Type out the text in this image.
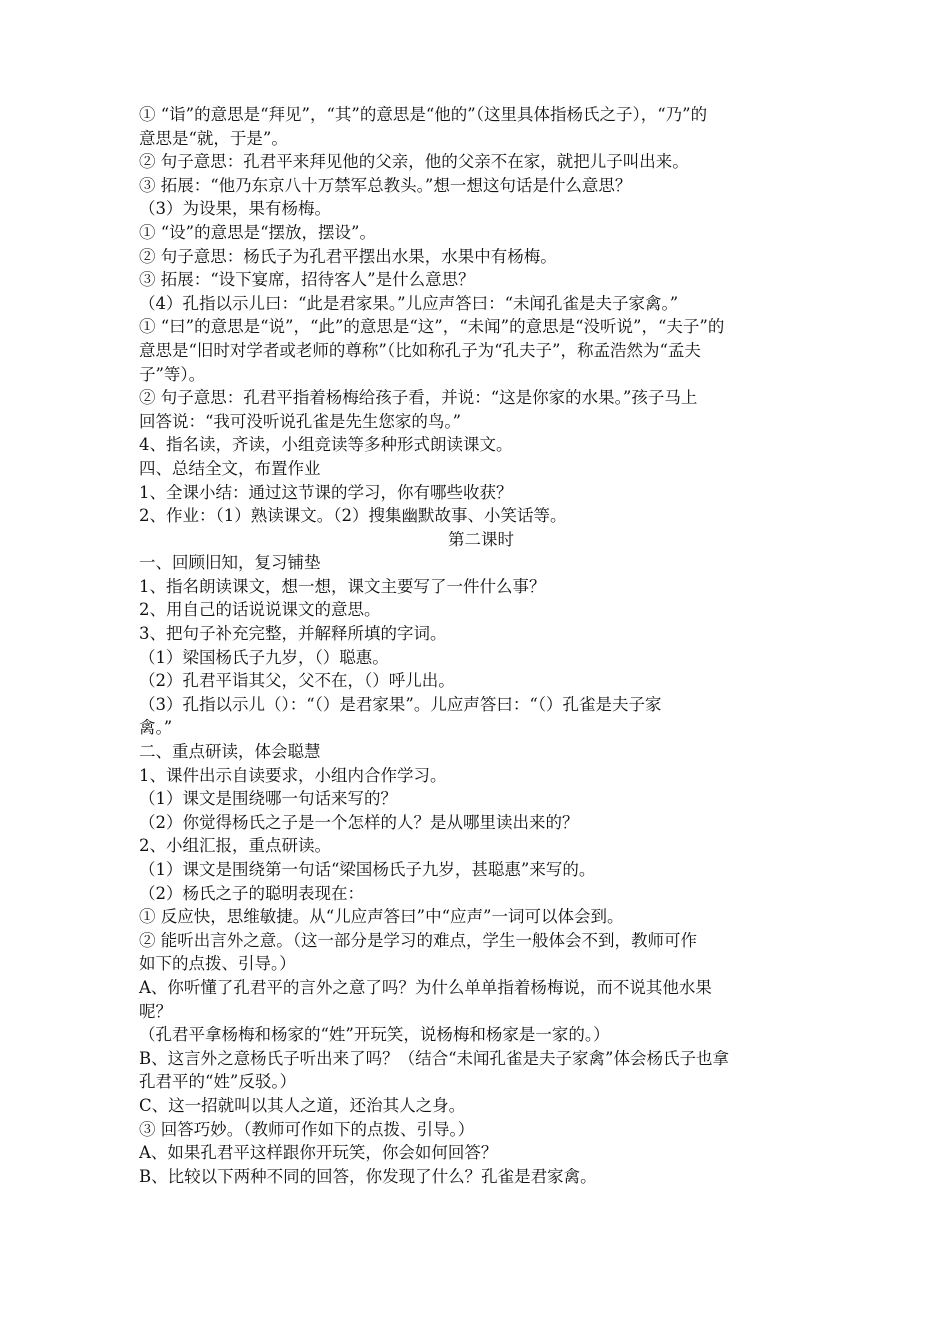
① “诣”的意思是“拜见”，“其”的意思是“他的”（这里具体指杨氏之子），“乃”的
意思是“就，于是”。
② 句子意思：孔君平来拜见他的父亲，他的父亲不在家，就把儿子叫出来。
③ 拓展：“他乃东京八十万禁军总教头。”想一想这句话是什么意思？
（3）为设果，果有杨梅。
① “设”的意思是“摆放，摆设”。
② 句子意思：杨氏子为孔君平摆出水果，水果中有杨梅。
③ 拓展：“设下宴席，招待客人”是什么意思？
（4）孔指以示儿曰：“此是君家果。”儿应声答曰：“未闻孔雀是夫子家禽。”
① “曰”的意思是“说”，“此”的意思是“这”，“未闻”的意思是“没听说”，“夫子”的
意思是“旧时对学者或老师的尊称”（比如称孔子为“孔夫子”，称孟浩然为“孟夫
子”等）。
② 句子意思：孔君平指着杨梅给孩子看，并说：“这是你家的水果。”孩子马上
回答说：“我可没听说孔雀是先生您家的鸟。”
4、指名读，齐读，小组竞读等多种形式朗读课文。
四、总结全文，布置作业
1、全课小结：通过这节课的学习，你有哪些收获？
2、作业：（1）熟读课文。（2）搜集幽默故事、小笑话等。
第二课时
一、回顾旧知，复习铺垫
1、指名朗读课文，想一想，课文主要写了一件什么事？
2、用自己的话说说课文的意思。
3、把句子补充完整，并解释所填的字词。
（1）梁国杨氏子九岁，（）聪惠。
（2）孔君平诣其父，父不在，（）呼儿出。
（3）孔指以示儿（）：“（）是君家果”。儿应声答曰：“（）孔雀是夫子家
禽。”
二、重点研读，体会聪慧
1、课件出示自读要求，小组内合作学习。
（1）课文是围绕哪一句话来写的？
（2）你觉得杨氏之子是一个怎样的人？是从哪里读出来的？
2、小组汇报，重点研读。
（1）课文是围绕第一句话“梁国杨氏子九岁，甚聪惠”来写的。
（2）杨氏之子的聪明表现在：
① 反应快，思维敏捷。从“儿应声答曰”中“应声”一词可以体会到。
② 能听出言外之意。（这一部分是学习的难点，学生一般体会不到，教师可作
如下的点拨、引导。）
A、你听懂了孔君平的言外之意了吗？为什么单单指着杨梅说，而不说其他水果
呢？
（孔君平拿杨梅和杨家的“姓”开玩笑，说杨梅和杨家是一家的。）
B、这言外之意杨氏子听出来了吗？（结合“未闻孔雀是夫子家禽”体会杨氏子也拿
孔君平的“姓”反驳。）
C、这一招就叫以其人之道，还治其人之身。
③ 回答巧妙。（教师可作如下的点拨、引导。）
A、如果孔君平这样跟你开玩笑，你会如何回答？
B、比较以下两种不同的回答，你发现了什么？孔雀是君家禽。
